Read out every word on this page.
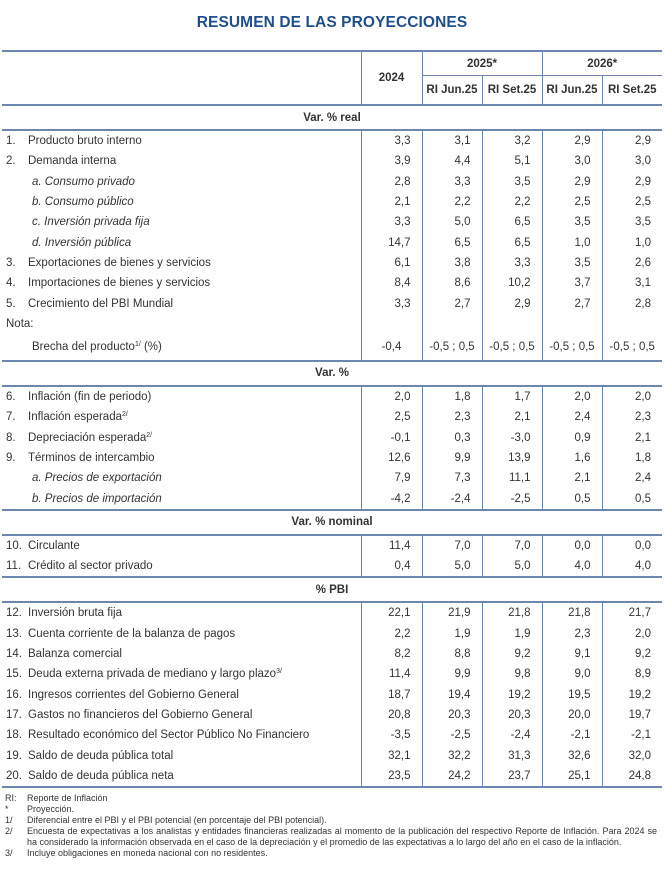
RESUMEN DE LAS PROYECCIONES
	2024	2025*		2026*	
		RI Jun.25	RI Set.25	RI Jun.25	RI Set.25
Var. % real					
1. Producto bruto interno	3,3	3,1	3,2	2,9	2,9
2. Demanda interna	3,9	4,4	5,1	3,0	3,0
a. Consumo privado	2,8	3,3	3,5	2,9	2,9
b. Consumo público	2,1	2,2	2,2	2,5	2,5
c. Inversión privada fija	3,3	5,0	6,5	3,5	3,5
d. Inversión pública	14,7	6,5	6,5	1,0	1,0
3. Exportaciones de bienes y servicios	6,1	3,8	3,3	3,5	2,6
4. Importaciones de bienes y servicios	8,4	8,6	10,2	3,7	3,1
5. Crecimiento del PBI Mundial	3,3	2,7	2,9	2,7	2,8
Nota:					
Brecha del producto$^{1/}$ (%)	-0,4	-0,5 ; 0,5	-0,5 ; 0,5	-0,5 ; 0,5	-0,5 ; 0,5
Var. %					
6. Inflación (fin de periodo)	2,0	1,8	1,7	2,0	2,0
7. Inflación esperada$^{2/}$	2,5	2,3	2,1	2,4	2,3
8. Depreciación esperada$^{2/}$	-0,1	0,3	-3,0	0,9	2,1
9. Términos de intercambio	12,6	9,9	13,9	1,6	1,8
a. Precios de exportación	7,9	7,3	11,1	2,1	2,4
b. Precios de importación	-4,2	-2,4	-2,5	0,5	0,5
Var. % nominal					
10. Circulante	11,4	7,0	7,0	0,0	0,0
11. Crédito al sector privado	0,4	5,0	5,0	4,0	4,0
% PBI					
12. Inversión bruta fija	22,1	21,9	21,8	21,8	21,7
13. Cuenta corriente de la balanza de pagos	2,2	1,9	1,9	2,3	2,0
14. Balanza comercial	8,2	8,8	9,2	9,1	9,2
15. Deuda externa privada de mediano y largo plazo$^{3/}$	11,4	9,9	9,8	9,0	8,9
16. Ingresos corrientes del Gobierno General	18,7	19,4	19,2	19,5	19,2
17. Gastos no financieros del Gobierno General	20,8	20,3	20,3	20,0	19,7
18. Resultado económico del Sector Público No Financiero	-3,5	-2,5	-2,4	-2,1	-2,1
19. Saldo de deuda pública total	32,1	32,2	31,3	32,6	32,0
20. Saldo de deuda pública neta	23,5	24,2	23,7	25,1	24,8
RI:	Reporte de Inflación
*	Proyección.
1/	Diferencial entre el PBI y el PBI potencial (en porcentaje del PBI potencial).
2/	Encuesta de expectativas a los analistas y entidades financieras realizadas al momento de la publicación del respectivo Reporte de Inflación. Para 2024 se ha considerado la información observada en el caso de la depreciación y el promedio de las expectativas a lo largo del año en el caso de la inflación.
3/	Incluye obligaciones en moneda nacional con no residentes.
